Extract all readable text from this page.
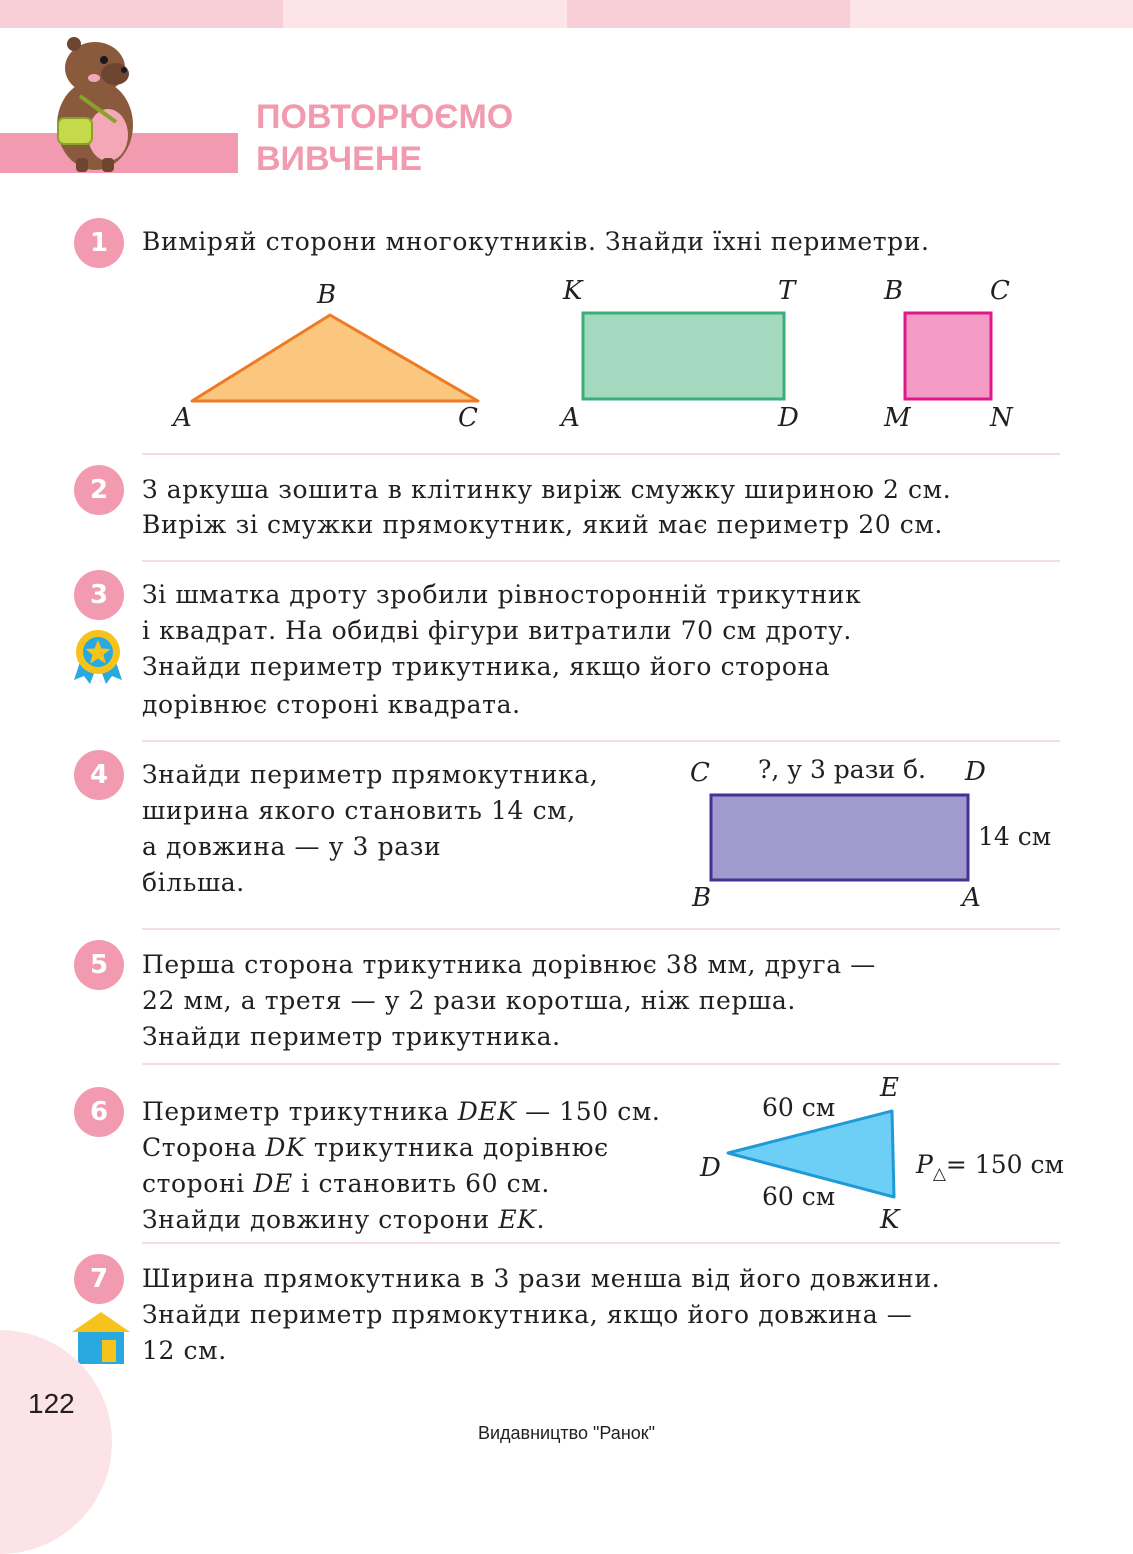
ПОВТОРЮЄМО
ВИВЧЕНЕ
1	Виміряй сторони многокутників. Знайди їхні периметри.
B
A	C
K	T
A	D
B	C
M	N
2	З аркуша зошита в клітинку виріж смужку шириною 2 см.
Виріж зі смужки прямокутник, який має периметр 20 см.
3	Зі шматка дроту зробили рівносторонній трикутник
і квадрат. На обидві фігури витратили 70 см дроту.
Знайди периметр трикутника, якщо його сторона
дорівнює стороні квадрата.
4	Знайди периметр прямокутника,
ширина якого становить 14 см,
а довжина — у 3 рази
більша.
C ?, у 3 рази б. D
14 см
B	A
5	Перша сторона трикутника дорівнює 38 мм, друга —
22 мм, а третя — у 2 рази коротша, ніж перша.
Знайди периметр трикутника.
6	Периметр трикутника DEK — 150 см.
Сторона DK трикутника дорівнює
стороні DE і становить 60 см.
Знайди довжину сторони EK.
E
60 см
D
60 см
K
$P_\triangle= 150$ см
7	Ширина прямокутника в 3 рази менша від його довжини.
Знайди периметр прямокутника, якщо його довжина —
12 см.
122
Видавництво "Ранок"
